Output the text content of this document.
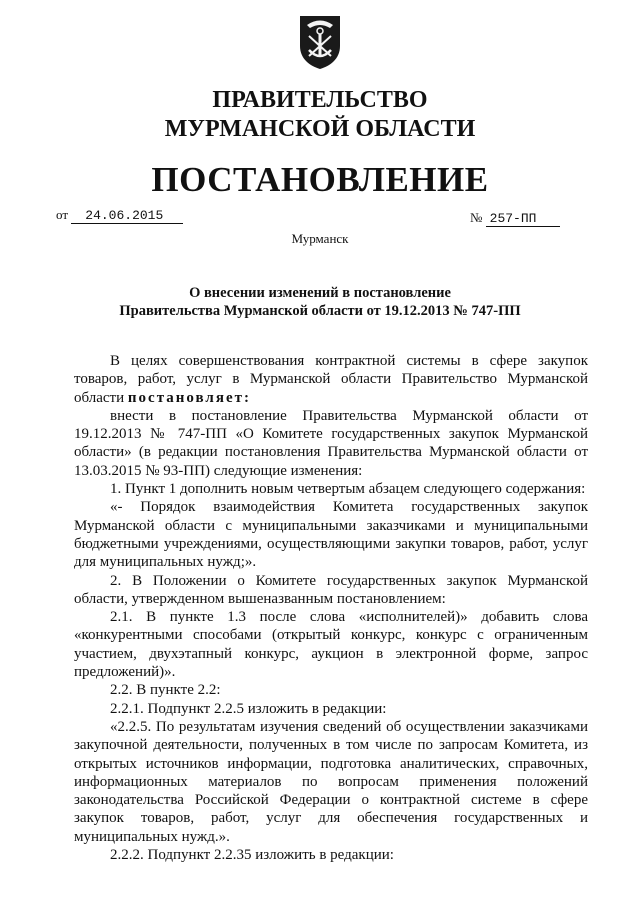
ПРАВИТЕЛЬСТВО
МУРМАНСКОЙ ОБЛАСТИ
ПОСТАНОВЛЕНИЕ
от 24.06.2015	№ 257-ПП
Мурманск
О внесении изменений в постановление
Правительства Мурманской области от 19.12.2013 № 747-ПП

В целях совершенствования контрактной системы в сфере закупок товаров, работ, услуг в Мурманской области Правительство Мурманской области постановляет:

внести в постановление Правительства Мурманской области от 19.12.2013 № 747-ПП «О Комитете государственных закупок Мурманской области» (в редакции постановления Правительства Мурманской области от 13.03.2015 № 93-ПП) следующие изменения:

1. Пункт 1 дополнить новым четвертым абзацем следующего содержания:

«- Порядок взаимодействия Комитета государственных закупок Мурманской области с муниципальными заказчиками и муниципальными бюджетными учреждениями, осуществляющими закупки товаров, работ, услуг для муниципальных нужд;».

2. В Положении о Комитете государственных закупок Мурманской области, утвержденном вышеназванным постановлением:

2.1. В пункте 1.3 после слова «исполнителей)» добавить слова «конкурентными способами (открытый конкурс, конкурс с ограниченным участием, двухэтапный конкурс, аукцион в электронной форме, запрос предложений)».

2.2. В пункте 2.2:

2.2.1. Подпункт 2.2.5 изложить в редакции:

«2.2.5. По результатам изучения сведений об осуществлении заказчиками закупочной деятельности, полученных в том числе по запросам Комитета, из открытых источников информации, подготовка аналитических, справочных, информационных материалов по вопросам применения положений законодательства Российской Федерации о контрактной системе в сфере закупок товаров, работ, услуг для обеспечения государственных и муниципальных нужд.».

2.2.2. Подпункт 2.2.35 изложить в редакции:
